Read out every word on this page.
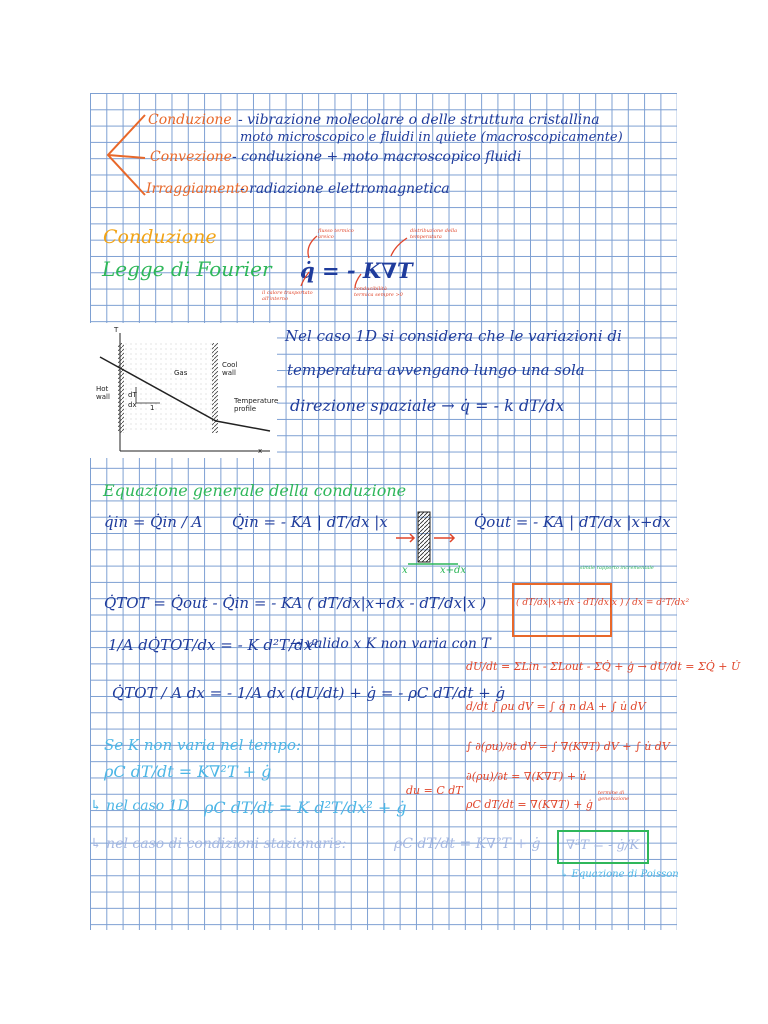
Conduzione - vibrazione molecolare o delle struttura cristallina
moto microscopico e fluidi in quiete (macroscopicamente)
Convezione - conduzione + moto macroscopico fluidi
Irraggiamento
- radiazione elettromagnetica
Conduzione
Legge di Fourier q̇ = - K∇T
flusso termico areico
distribuzione della temperatura
il calore trasportato all'interno
conducibilità termica sempre >0
T
x
Gas
Hot wall
Cool wall
Temperature profile
dT
dx 1
Nel caso 1D si considera che le variazioni di
temperatura avvengano lungo una sola
direzione spaziale → q̇ = - k dT/dx
Equazione generale della conduzione
q̇in = Q̇in / A Q̇in = - KA | dT/dx |x	Q̇out = - KA | dT/dx |x+dx
x	x+dx	simile rapporto incrementale
( dT/dx|x+dx - dT/dx|x ) / dx = d²T/dx²
Q̇TOT = Q̇out - Q̇in = - KA ( dT/dx|x+dx - dT/dx|x )
1/A dQ̇TOT/dx = - K d²T/dx²
→ valido x K non varia con T
Q̇TOT / A dx = - 1/A dx (dU/dt) + ġ = - ρC dT/dt + ġ
dU/dt = ΣLin - ΣLout - ΣQ̇ + ġ → dU/dt = ΣQ̇ + U̇
d/dt ∫ ρu dV = ∫ q̇ n dA + ∫ u̇ dV
∫ ∂(ρu)/∂t dV = ∫ ∇(K∇T) dV + ∫ u̇ dV
∂(ρu)/∂t = ∇(K∇T) + u̇
du = C dT
ρC dT/dt = ∇(K∇T) + ġ
termine di generazione
Se K non varia nel tempo:
ρC dT/dt = K∇²T + ġ
↳ nel caso 1D ρC dT/dt = K d²T/dx² + ġ
↳ nel caso di condizioni stazionarie:	ρC dT/dt = K∇²T + ġ ∇²T = - ġ/K
↳ Equazione di Poisson
